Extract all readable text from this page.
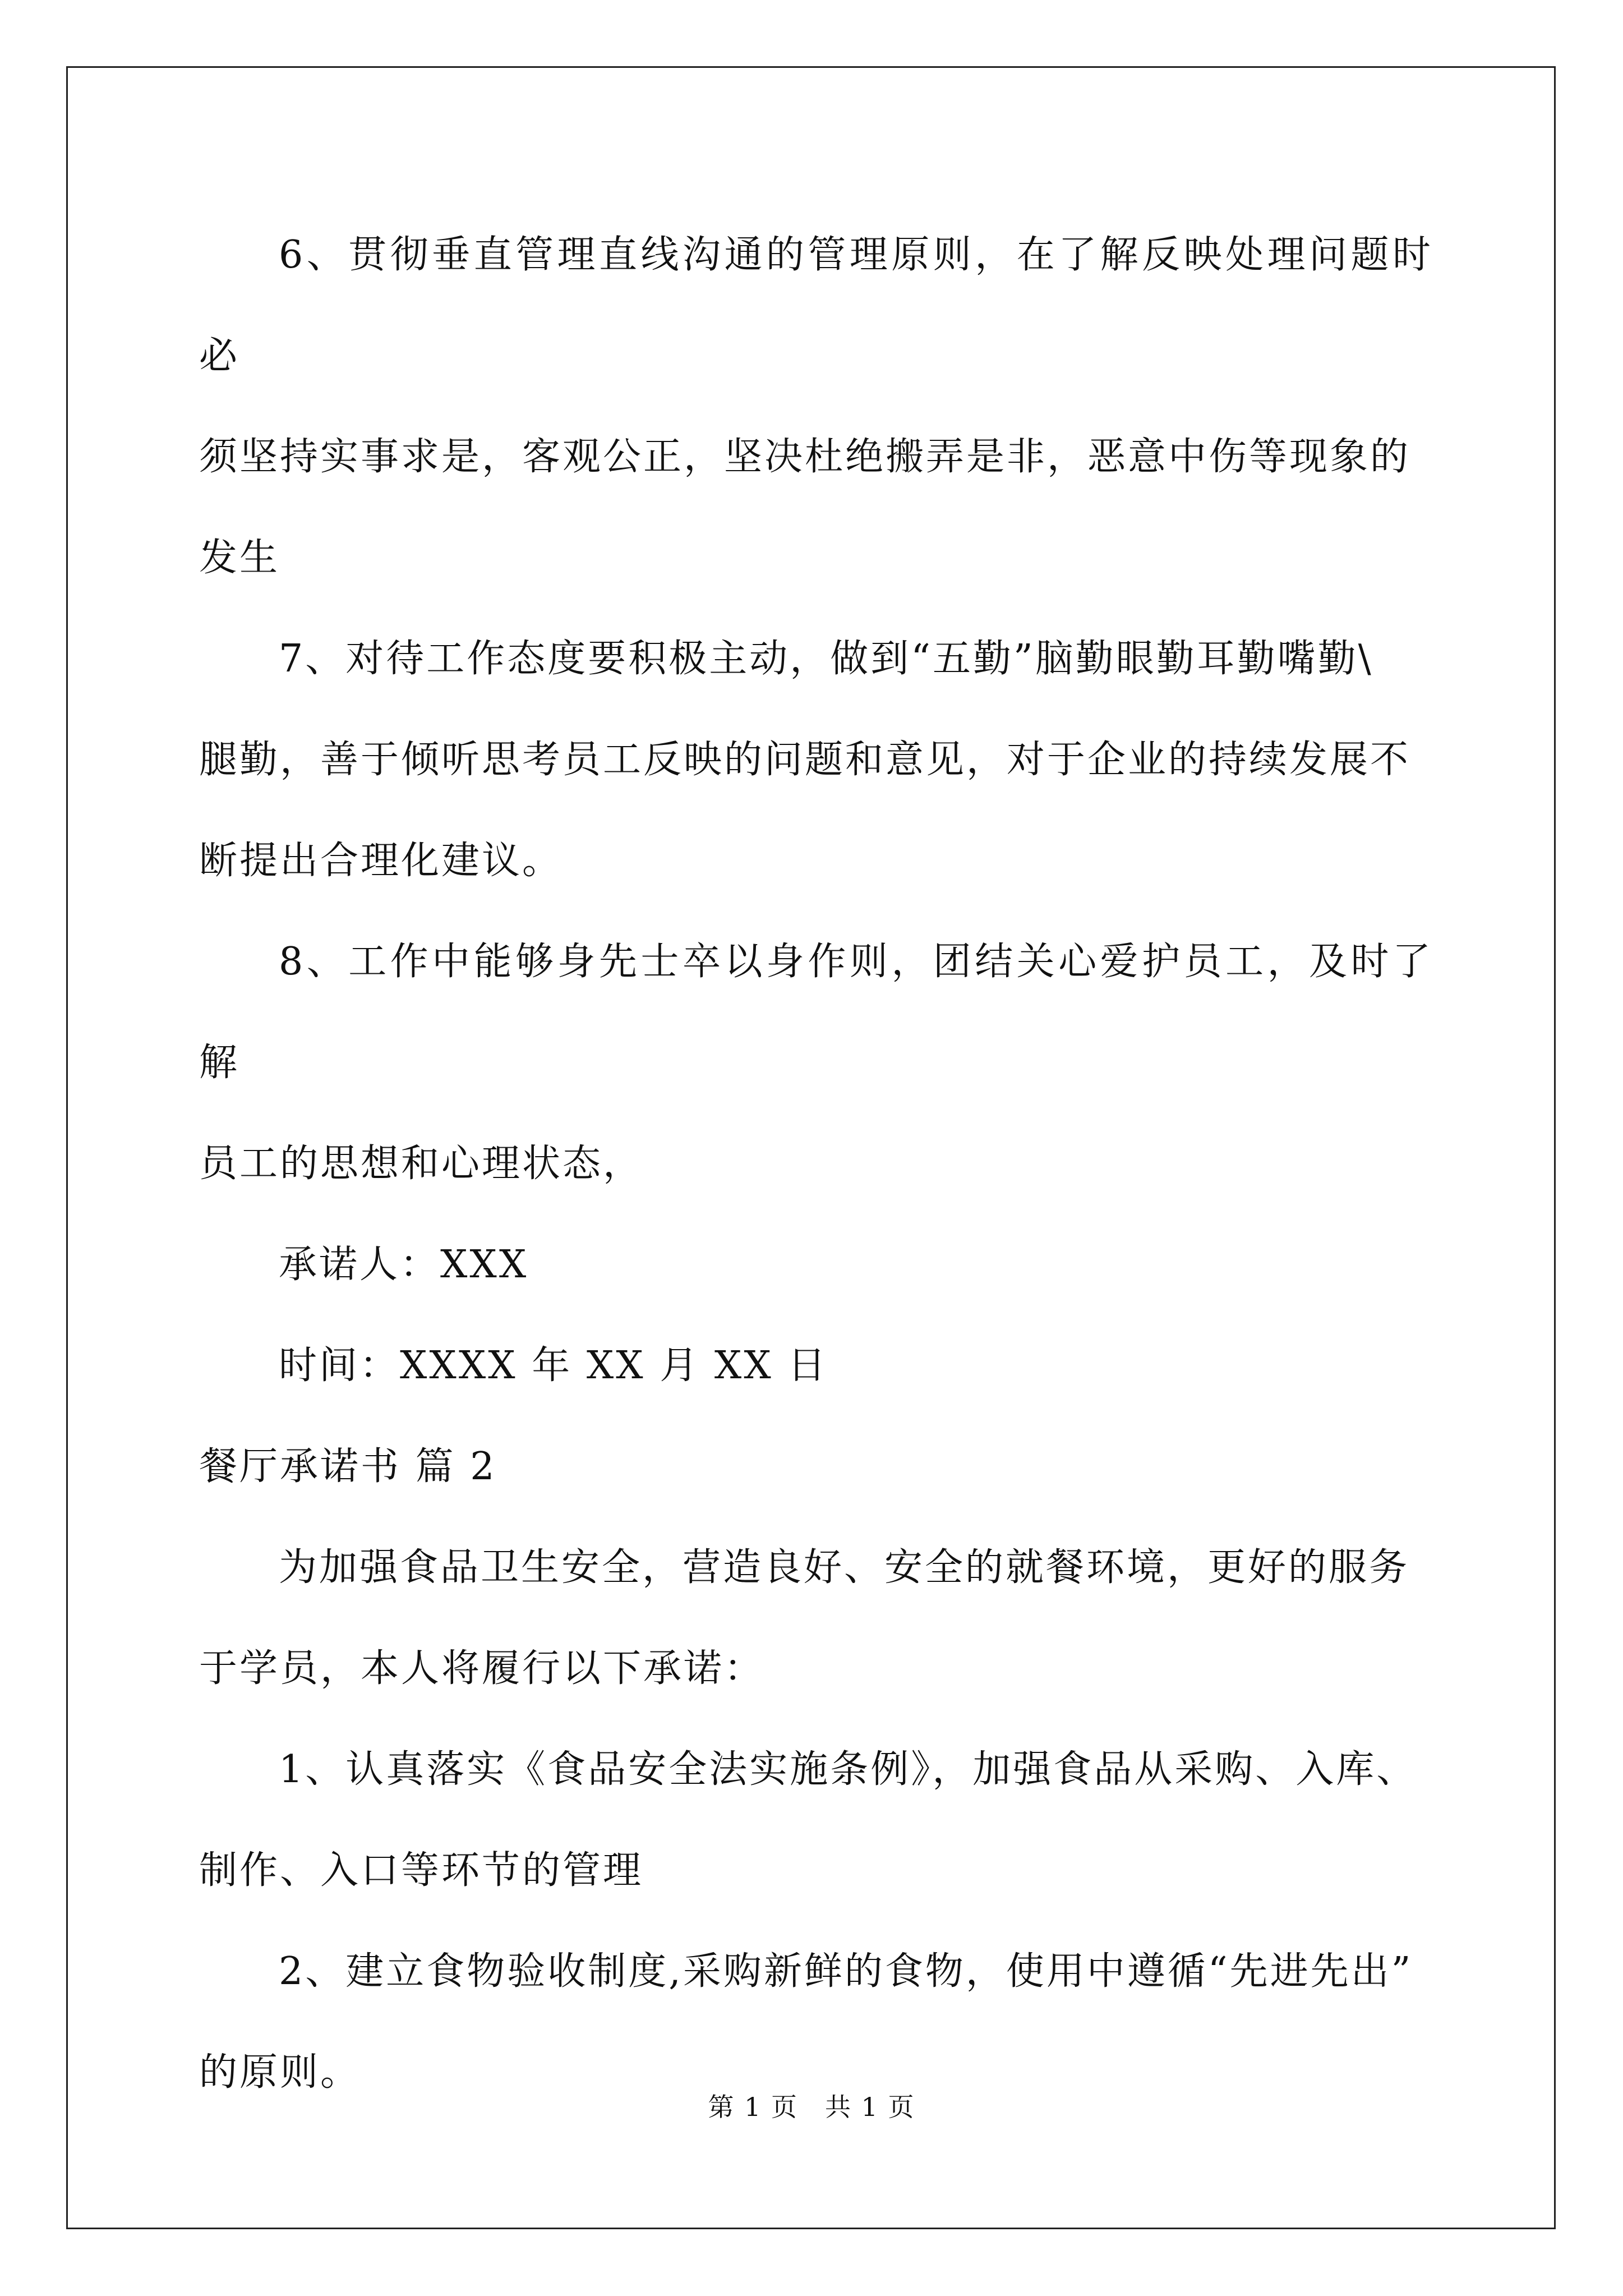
6、贯彻垂直管理直线沟通的管理原则，在了解反映处理问题时必
须坚持实事求是，客观公正，坚决杜绝搬弄是非，恶意中伤等现象的
发生

7、对待工作态度要积极主动，做到“五勤”脑勤眼勤耳勤嘴勤\
腿勤，善于倾听思考员工反映的问题和意见，对于企业的持续发展不
断提出合理化建议。

8、工作中能够身先士卒以身作则，团结关心爱护员工，及时了解
员工的思想和心理状态，

承诺人：XXX

时间：XXXX 年 XX 月 XX 日

餐厅承诺书 篇 2

为加强食品卫生安全，营造良好、安全的就餐环境，更好的服务
于学员，本人将履行以下承诺：

1、认真落实《食品安全法实施条例》，加强食品从采购、入库、
制作、入口等环节的管理

2、建立食物验收制度,采购新鲜的食物，使用中遵循“先进先出”
的原则。

第 1 页　共 1 页
